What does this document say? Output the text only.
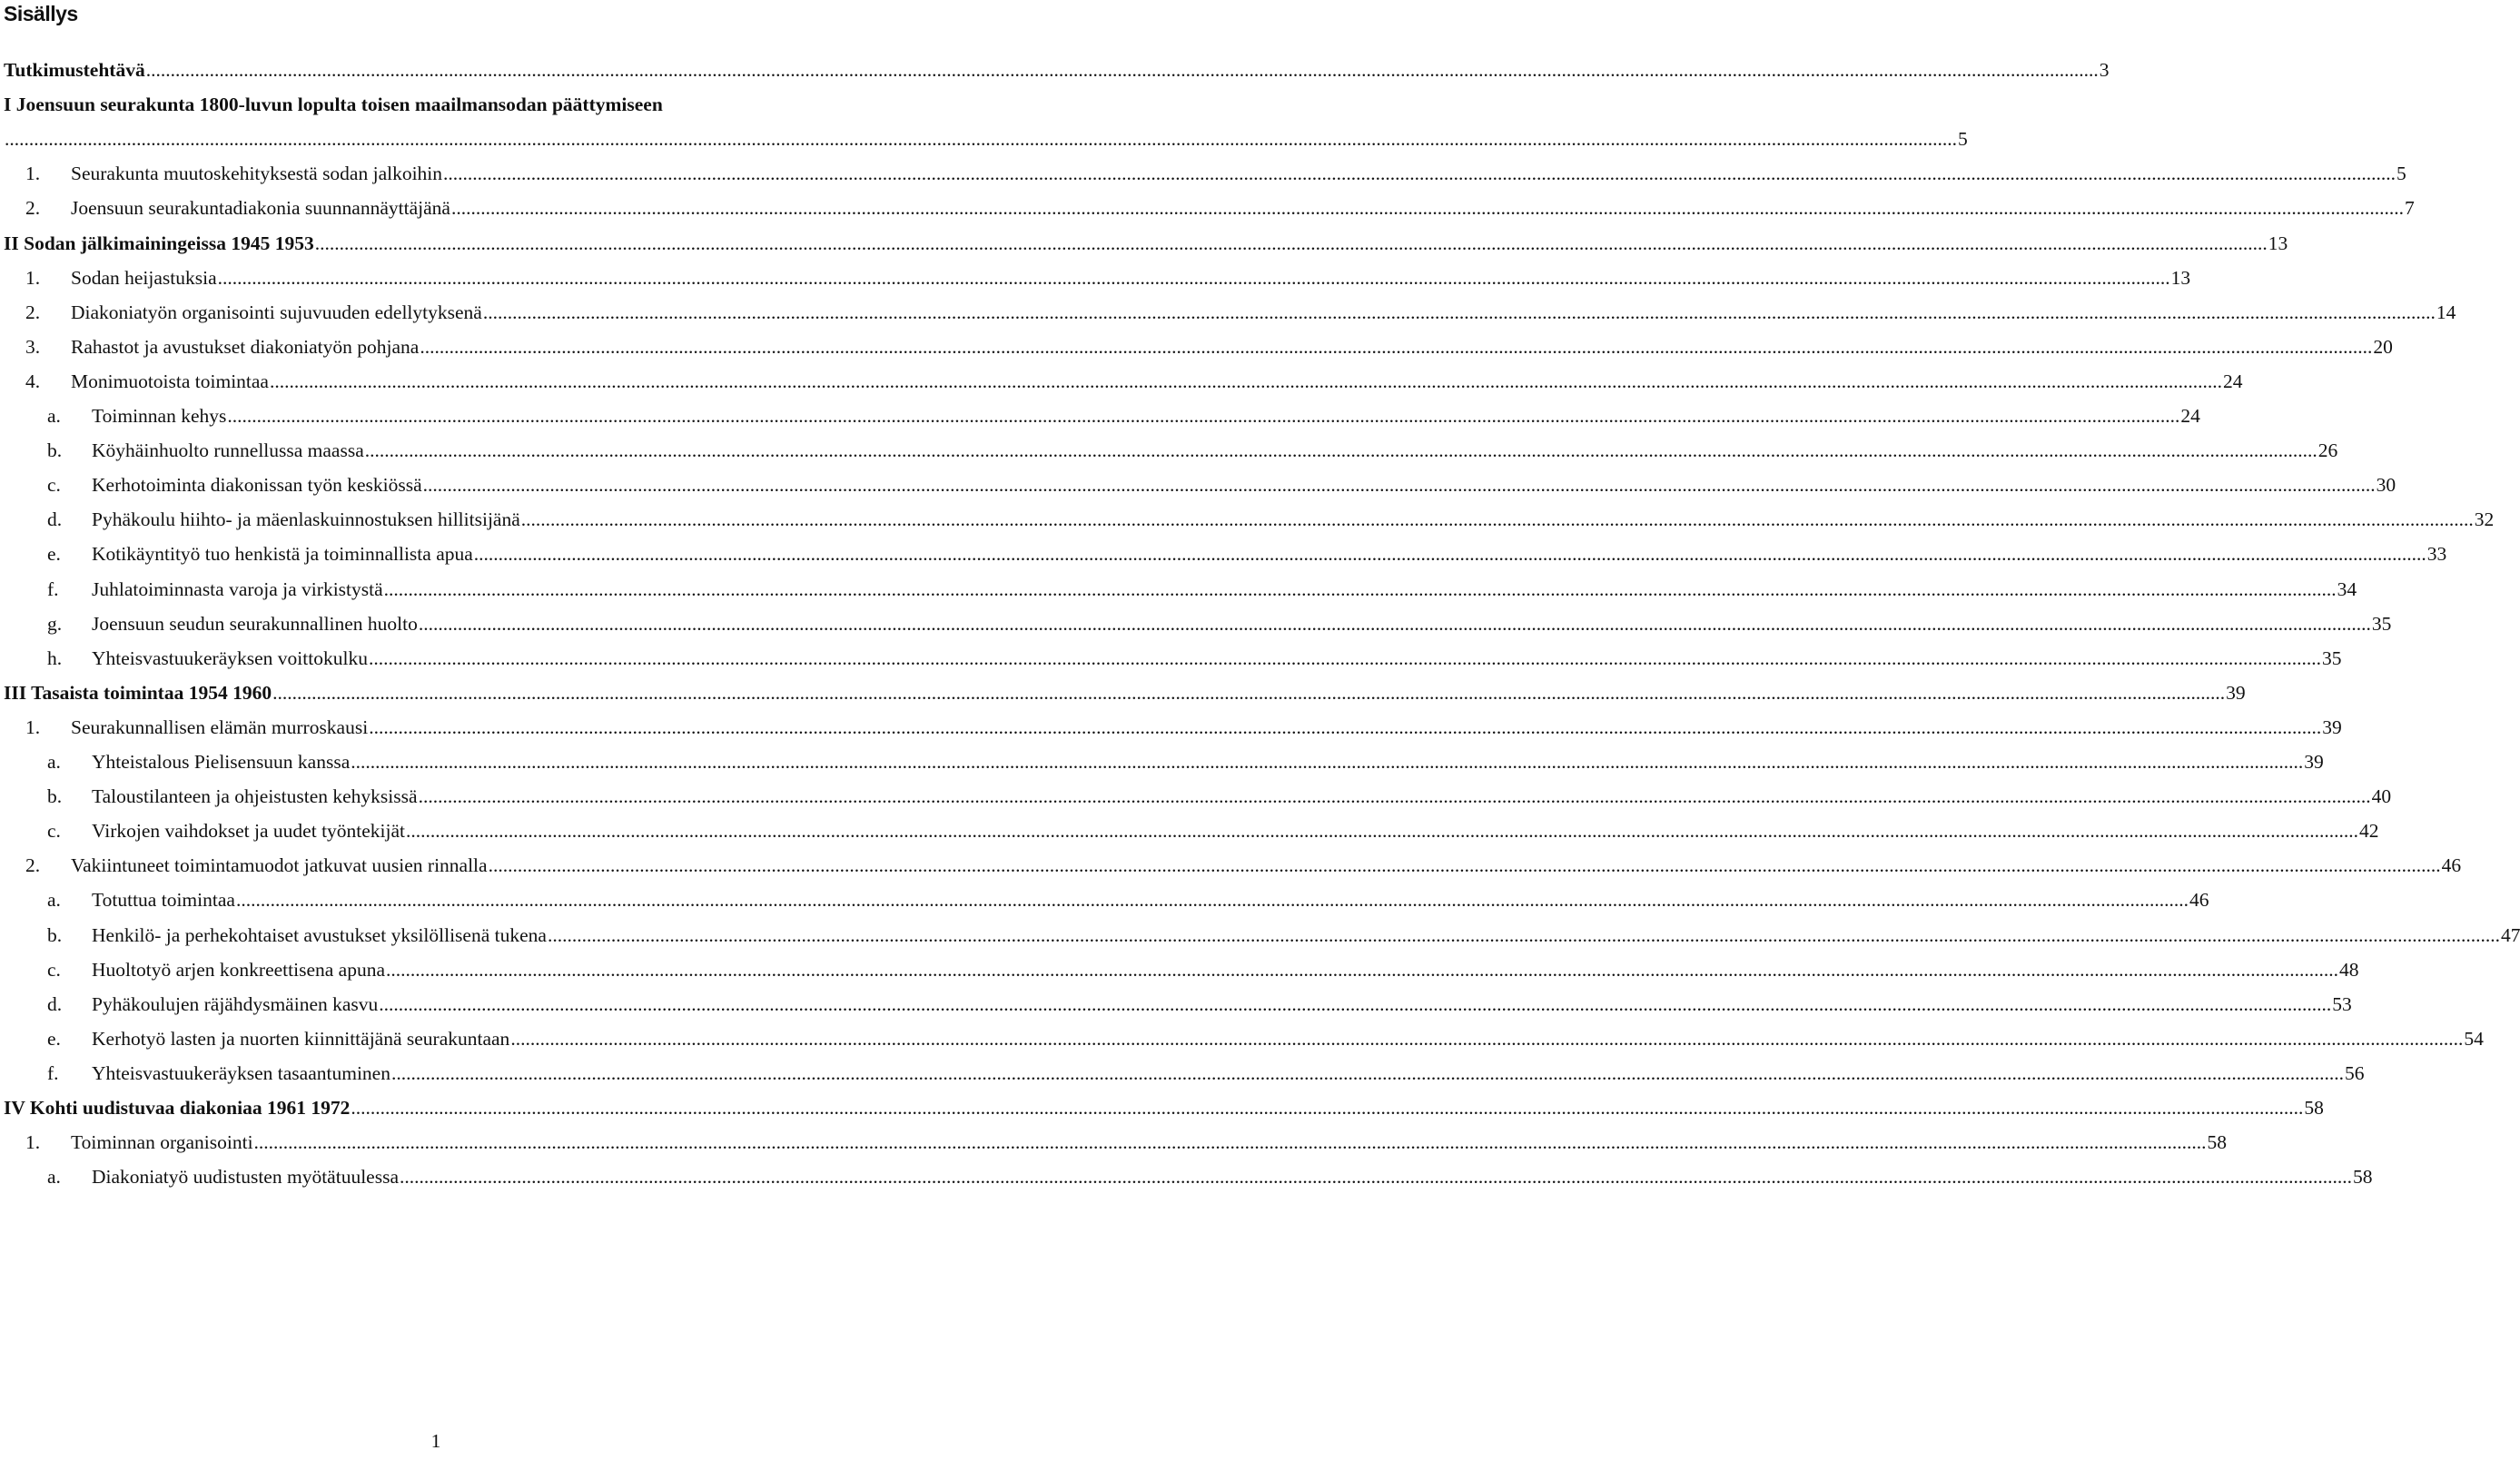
Sisällys
Tutkimustehtävä ................................................................................................................................................................................................................................................................................................................................................................................................................ 3
I Joensuun seurakunta 1800-luvun lopulta toisen maailmansodan päättymiseen
................................................................................................................................................................................................................................................................................................................................................................................................................ 5
1. Seurakunta muutoskehityksestä sodan jalkoihin ................................................................................................................................................................................................................................................................................................................................................................................................................ 5
2. Joensuun seurakuntadiakonia suunnannäyttäjänä ................................................................................................................................................................................................................................................................................................................................................................................................................ 7
II Sodan jälkimainingeissa 1945 1953 ................................................................................................................................................................................................................................................................................................................................................................................................................ 13
1. Sodan heijastuksia ................................................................................................................................................................................................................................................................................................................................................................................................................ 13
2. Diakoniatyön organisointi sujuvuuden edellytyksenä ................................................................................................................................................................................................................................................................................................................................................................................................................ 14
3. Rahastot ja avustukset diakoniatyön pohjana ................................................................................................................................................................................................................................................................................................................................................................................................................ 20
4. Monimuotoista toimintaa ................................................................................................................................................................................................................................................................................................................................................................................................................ 24
a. Toiminnan kehys ................................................................................................................................................................................................................................................................................................................................................................................................................ 24
b. Köyhäinhuolto runnellussa maassa ................................................................................................................................................................................................................................................................................................................................................................................................................ 26
c. Kerhotoiminta diakonissan työn keskiössä ................................................................................................................................................................................................................................................................................................................................................................................................................ 30
d. Pyhäkoulu hiihto- ja mäenlaskuinnostuksen hillitsijänä ................................................................................................................................................................................................................................................................................................................................................................................................................ 32
e. Kotikäyntityö tuo henkistä ja toiminnallista apua ................................................................................................................................................................................................................................................................................................................................................................................................................ 33
f. Juhlatoiminnasta varoja ja virkistystä ................................................................................................................................................................................................................................................................................................................................................................................................................ 34
g. Joensuun seudun seurakunnallinen huolto ................................................................................................................................................................................................................................................................................................................................................................................................................ 35
h. Yhteisvastuukeräyksen voittokulku ................................................................................................................................................................................................................................................................................................................................................................................................................ 35
III Tasaista toimintaa 1954 1960 ................................................................................................................................................................................................................................................................................................................................................................................................................ 39
1. Seurakunnallisen elämän murroskausi ................................................................................................................................................................................................................................................................................................................................................................................................................ 39
a. Yhteistalous Pielisensuun kanssa ................................................................................................................................................................................................................................................................................................................................................................................................................ 39
b. Taloustilanteen ja ohjeistusten kehyksissä ................................................................................................................................................................................................................................................................................................................................................................................................................ 40
c. Virkojen vaihdokset ja uudet työntekijät ................................................................................................................................................................................................................................................................................................................................................................................................................ 42
2. Vakiintuneet toimintamuodot jatkuvat uusien rinnalla ................................................................................................................................................................................................................................................................................................................................................................................................................ 46
a. Totuttua toimintaa ................................................................................................................................................................................................................................................................................................................................................................................................................ 46
b. Henkilö- ja perhekohtaiset avustukset yksilöllisenä tukena ................................................................................................................................................................................................................................................................................................................................................................................................................ 47
c. Huoltotyö arjen konkreettisena apuna ................................................................................................................................................................................................................................................................................................................................................................................................................ 48
d. Pyhäkoulujen räjähdysmäinen kasvu ................................................................................................................................................................................................................................................................................................................................................................................................................ 53
e. Kerhotyö lasten ja nuorten kiinnittäjänä seurakuntaan ................................................................................................................................................................................................................................................................................................................................................................................................................ 54
f. Yhteisvastuukeräyksen tasaantuminen ................................................................................................................................................................................................................................................................................................................................................................................................................ 56
IV Kohti uudistuvaa diakoniaa 1961 1972 ................................................................................................................................................................................................................................................................................................................................................................................................................ 58
1. Toiminnan organisointi ................................................................................................................................................................................................................................................................................................................................................................................................................ 58
a. Diakoniatyö uudistusten myötätuulessa ................................................................................................................................................................................................................................................................................................................................................................................................................ 58
1
